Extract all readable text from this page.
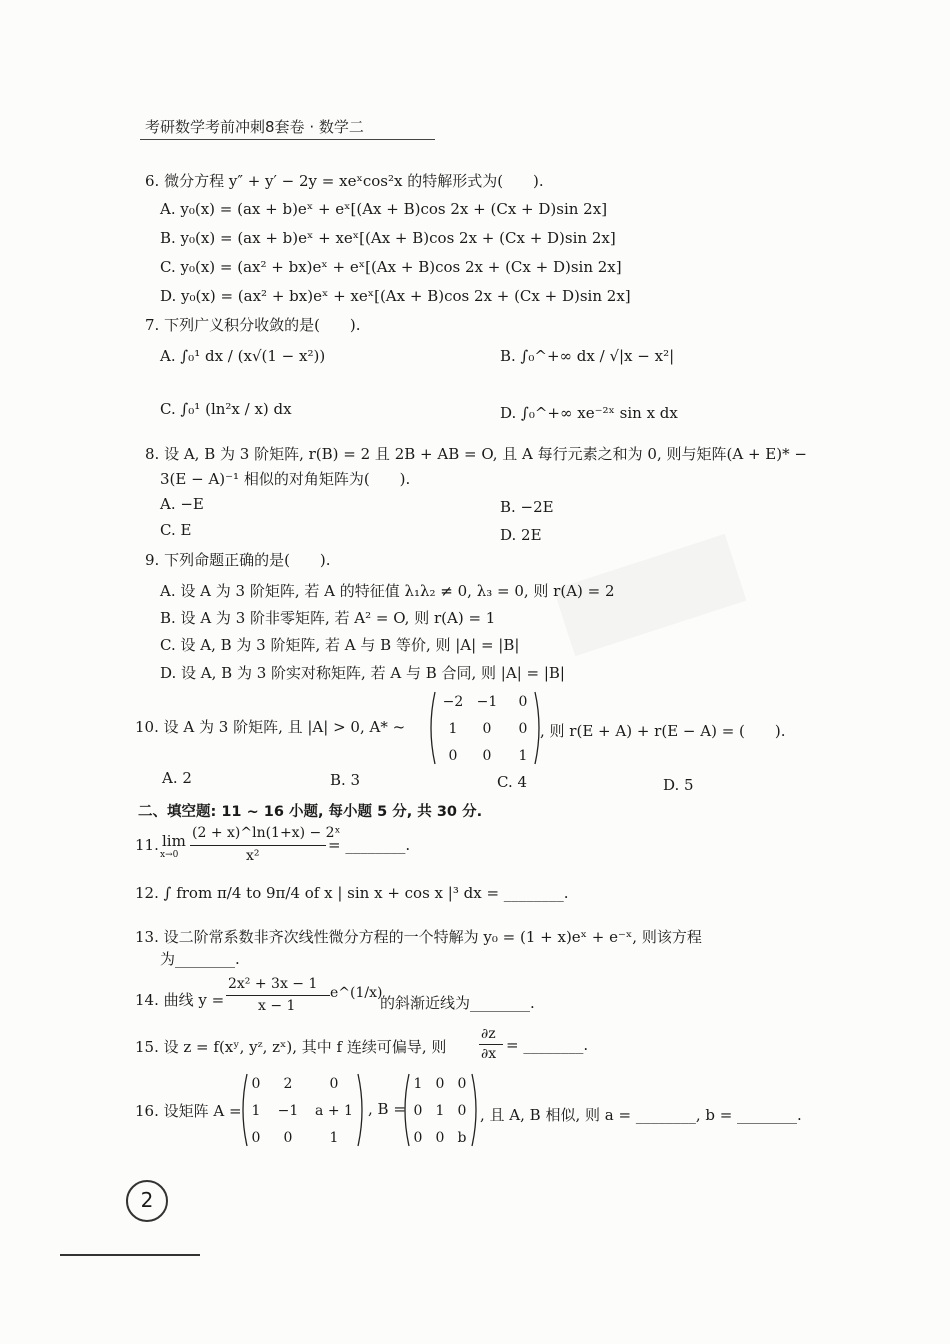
考研数学考前冲刺8套卷 · 数学二
6. 微分方程 y″ + y′ − 2y = xeˣcos²x 的特解形式为(　　).
A. y₀(x) = (ax + b)eˣ + eˣ[(Ax + B)cos 2x + (Cx + D)sin 2x]
B. y₀(x) = (ax + b)eˣ + xeˣ[(Ax + B)cos 2x + (Cx + D)sin 2x]
C. y₀(x) = (ax² + bx)eˣ + eˣ[(Ax + B)cos 2x + (Cx + D)sin 2x]
D. y₀(x) = (ax² + bx)eˣ + xeˣ[(Ax + B)cos 2x + (Cx + D)sin 2x]
7. 下列广义积分收敛的是(　　).
A. ∫₀¹ dx / (x√(1 − x²))	B. ∫₀^+∞ dx / √|x − x²|
C. ∫₀¹ (ln²x / x) dx	D. ∫₀^+∞ xe⁻²ˣ sin x dx
8. 设 A, B 为 3 阶矩阵, r(B) = 2 且 2B + AB = O, 且 A 每行元素之和为 0, 则与矩阵(A + E)* −
3(E − A)⁻¹ 相似的对角矩阵为(　　).
A. −E	B. −2E
C. E	D. 2E
9. 下列命题正确的是(　　).
A. 设 A 为 3 阶矩阵, 若 A 的特征值 λ₁λ₂ ≠ 0, λ₃ = 0, 则 r(A) = 2
B. 设 A 为 3 阶非零矩阵, 若 A² = O, 则 r(A) = 1
C. 设 A, B 为 3 阶矩阵, 若 A 与 B 等价, 则 |A| = |B|
D. 设 A, B 为 3 阶实对称矩阵, 若 A 与 B 合同, 则 |A| = |B|
10. 设 A 为 3 阶矩阵, 且 |A| > 0, A* ~
−2 −1 0
1 0 0
0 0 1
, 则 r(E + A) + r(E − A) = (　　).
A. 2	B. 3	C. 4	D. 5
二、填空题: 11 ~ 16 小题, 每小题 5 分, 共 30 分.
11. lim
x→0
(2 + x)^ln(1+x) − 2ˣ
x²
= ________.
12. ∫ from π/4 to 9π/4 of x | sin x + cos x |³ dx = ________.
13. 设二阶常系数非齐次线性微分方程的一个特解为 y₀ = (1 + x)eˣ + e⁻ˣ, 则该方程
为________.
14. 曲线 y =
2x² + 3x − 1
x − 1
e^(1/x)
的斜渐近线为________.
15. 设 z = f(xʸ, yᶻ, zˣ), 其中 f 连续可偏导, 则
∂z
∂x = ________.
16. 设矩阵 A =
0 2	0
1 −1 a + 1
0 0	1
, B =
1 0 0
0 1 0
0 0 b
, 且 A, B 相似, 则 a = ________, b = ________.
2
